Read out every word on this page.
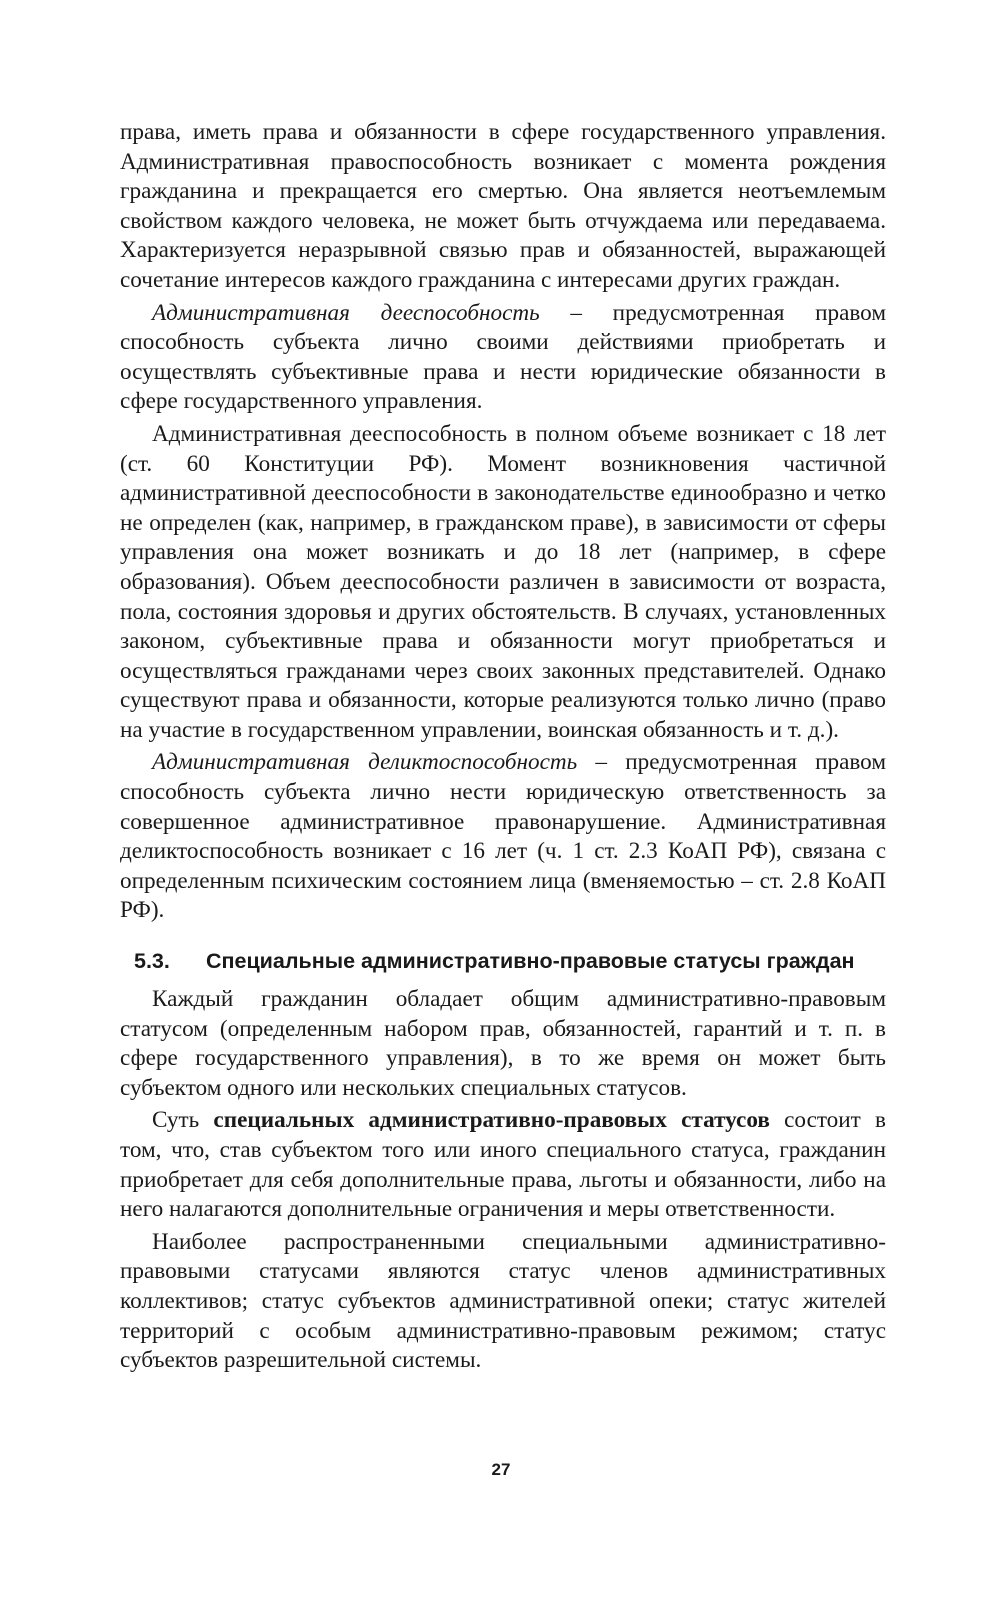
права, иметь права и обязанности в сфере государственного управления. Административная правоспособность возникает с момента рождения гражданина и прекращается его смертью. Она является неотъемлемым свойством каждого человека, не может быть отчуждаема или передаваема. Характеризуется неразрывной связью прав и обязанностей, выражающей сочетание интересов каждого гражданина с интересами других граждан.

Административная дееспособность – предусмотренная правом способность субъекта лично своими действиями приобретать и осуществлять субъективные права и нести юридические обязанности в сфере государственного управления.

Административная дееспособность в полном объеме возникает с 18 лет (ст. 60 Конституции РФ). Момент возникновения частичной административной дееспособности в законодательстве единообразно и четко не определен (как, например, в гражданском праве), в зависимости от сферы управления она может возникать и до 18 лет (например, в сфере образования). Объем дееспособности различен в зависимости от возраста, пола, состояния здоровья и других обстоятельств. В случаях, установленных законом, субъективные права и обязанности могут приобретаться и осуществляться гражданами через своих законных представителей. Однако существуют права и обязанности, которые реализуются только лично (право на участие в государственном управлении, воинская обязанность и т. д.).

Административная деликтоспособность – предусмотренная правом способность субъекта лично нести юридическую ответственность за совершенное административное правонарушение. Административная деликтоспособность возникает с 16 лет (ч. 1 ст. 2.3 КоАП РФ), связана с определенным психическим состоянием лица (вменяемостью – ст. 2.8 КоАП РФ).

5.3. Специальные административно-правовые статусы граждан

Каждый гражданин обладает общим административно-правовым статусом (определенным набором прав, обязанностей, гарантий и т. п. в сфере государственного управления), в то же время он может быть субъектом одного или нескольких специальных статусов.

Суть специальных административно-правовых статусов состоит в том, что, став субъектом того или иного специального статуса, гражданин приобретает для себя дополнительные права, льготы и обязанности, либо на него налагаются дополнительные ограничения и меры ответственности.

Наиболее распространенными специальными административно-правовыми статусами являются статус членов административных коллективов; статус субъектов административной опеки; статус жителей территорий с особым административно-правовым режимом; статус субъектов разрешительной системы.

27
